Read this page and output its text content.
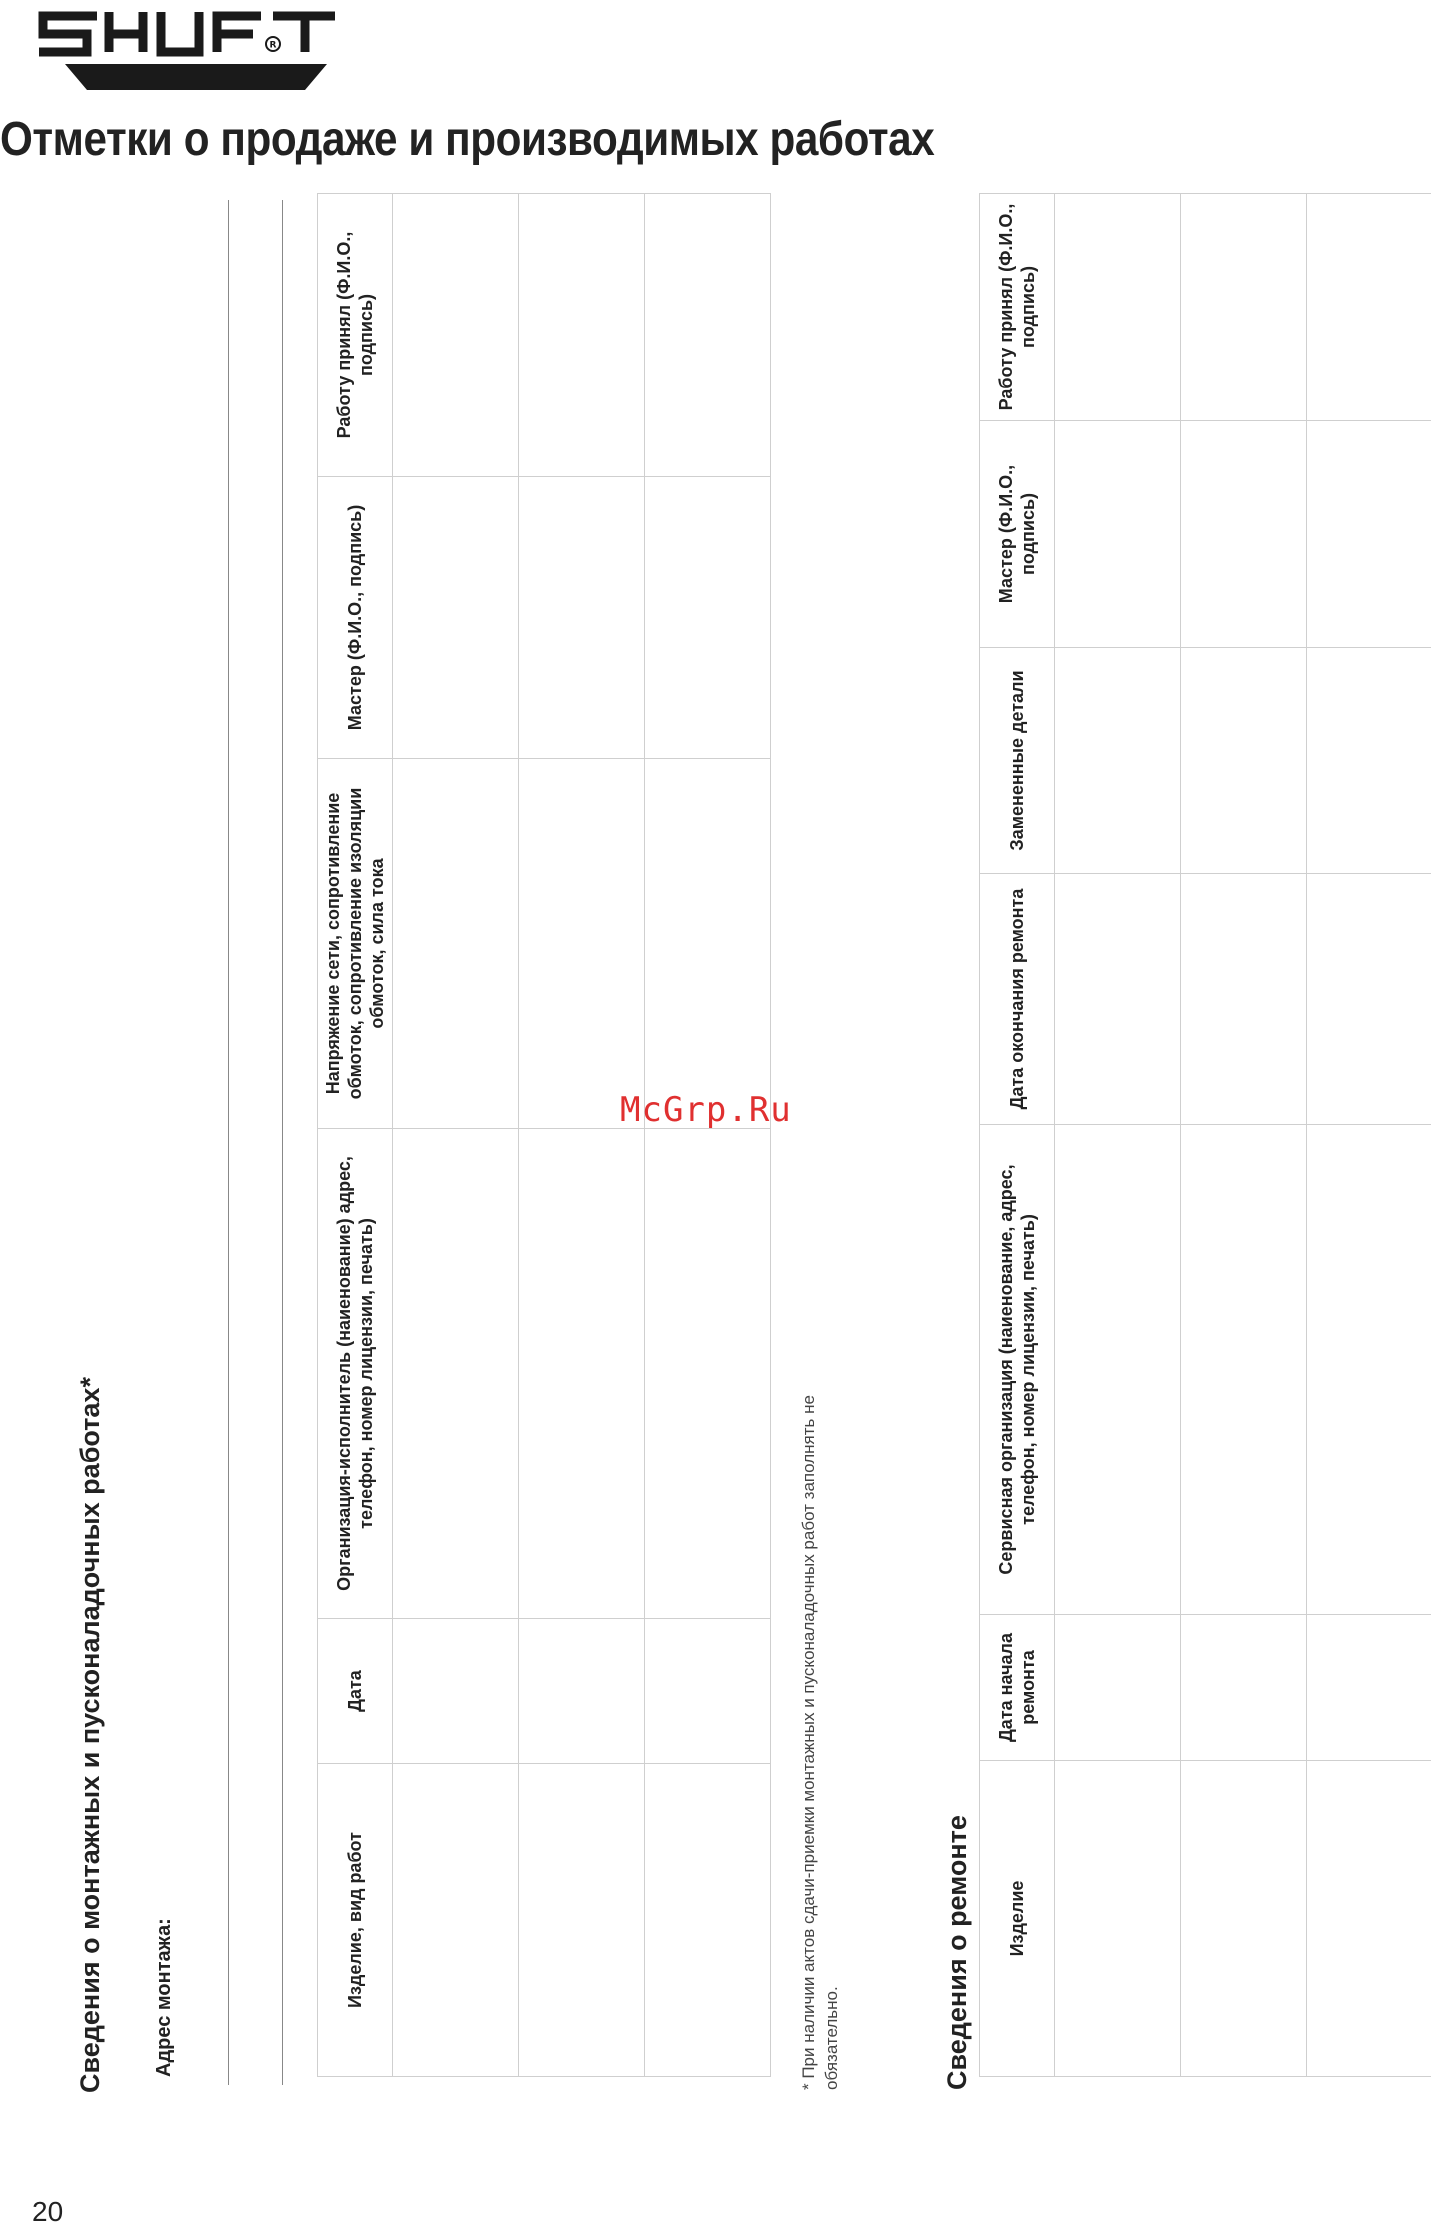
R
Отметки о продаже и производимых работах
Сведения о монтажных и пусконаладочных работах* Адрес монтажа:	Изделие, вид работ	Дата	Организация-исполнитель (наиенование) адрес, телефон, номер лицензии, печать)	Напряжение сети, сопротивление обмоток, сопротивление изоляции обмоток, сила тока	Мастер (Ф.И.О., подпись)	Работу принял (Ф.И.О., подпись)

* При наличии актов сдачи-приемки монтажных и пусконаладочных работ заполнять не обязательно.	Сведения о ремонте Изделие	Дата начала ремонта	Сервисная организация (наиенование, адрес, телефон, номер лицензии, печать)	Дата окончания ремонта	Замененные детали	Мастер (Ф.И.О., подпись)	Работу принял (Ф.И.О., подпись)

McGrp.Ru
20
